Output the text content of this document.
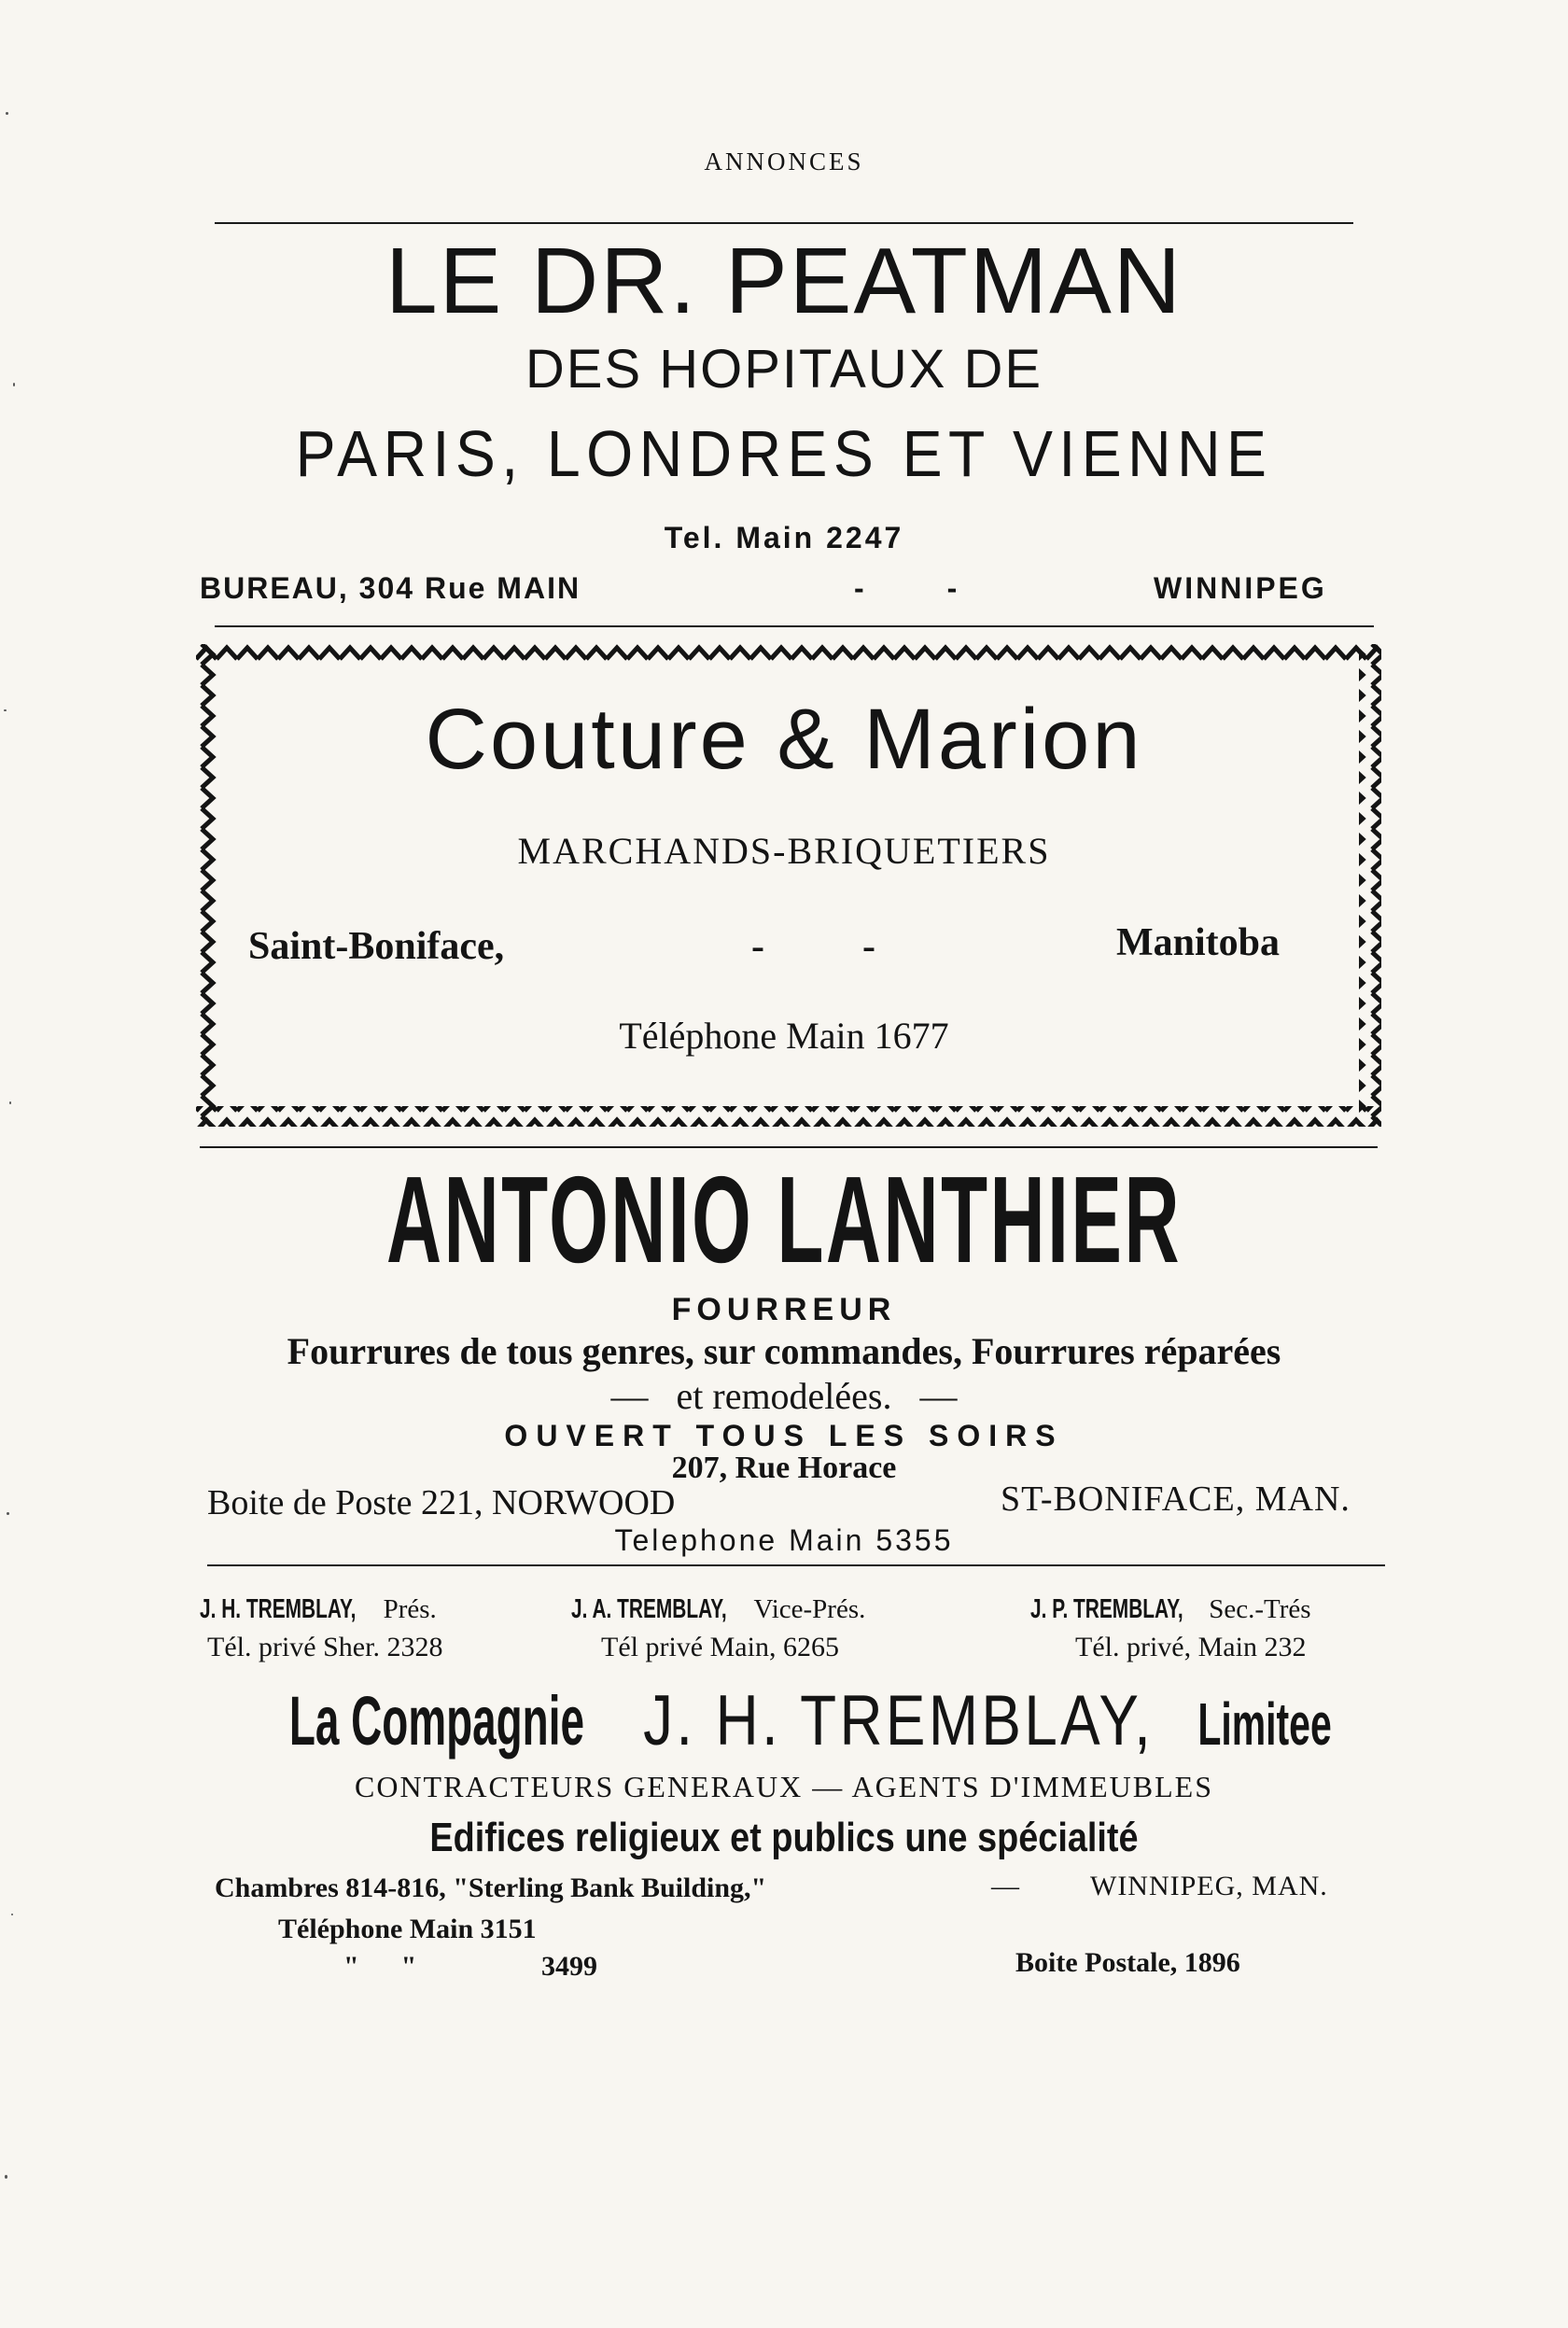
ANNONCES
LE DR. PEATMAN
DES HOPITAUX DE
PARIS, LONDRES ET VIENNE
Tel. Main 2247
BUREAU, 304 Rue MAIN	-          -	WINNIPEG
Couture & Marion
MARCHANDS-BRIQUETIERS
Saint-Boniface,	-          -	Manitoba
Téléphone Main 1677
ANTONIO LANTHIER
FOURREUR
Fourrures de tous genres, sur commandes, Fourrures réparées
—   et remodelées.   —
OUVERT TOUS LES SOIRS
207, Rue Horace
Boite de Poste 221, NORWOOD	ST-BONIFACE, MAN.
Telephone Main 5355
J. H. TREMBLAY, Prés.
Tél. privé Sher. 2328
J. A. TREMBLAY, Vice-Prés.
Tél privé Main, 6265
J. P. TREMBLAY, Sec.-Trés
Tél. privé, Main 232
La Compagnie J. H. TREMBLAY, Limitee
CONTRACTEURS GENERAUX — AGENTS D'IMMEUBLES
Edifices religieux et publics une spécialité
Chambres 814-816, "Sterling Bank Building,"	—	WINNIPEG, MAN.
Téléphone Main 3151
"      "	3499	Boite Postale, 1896
